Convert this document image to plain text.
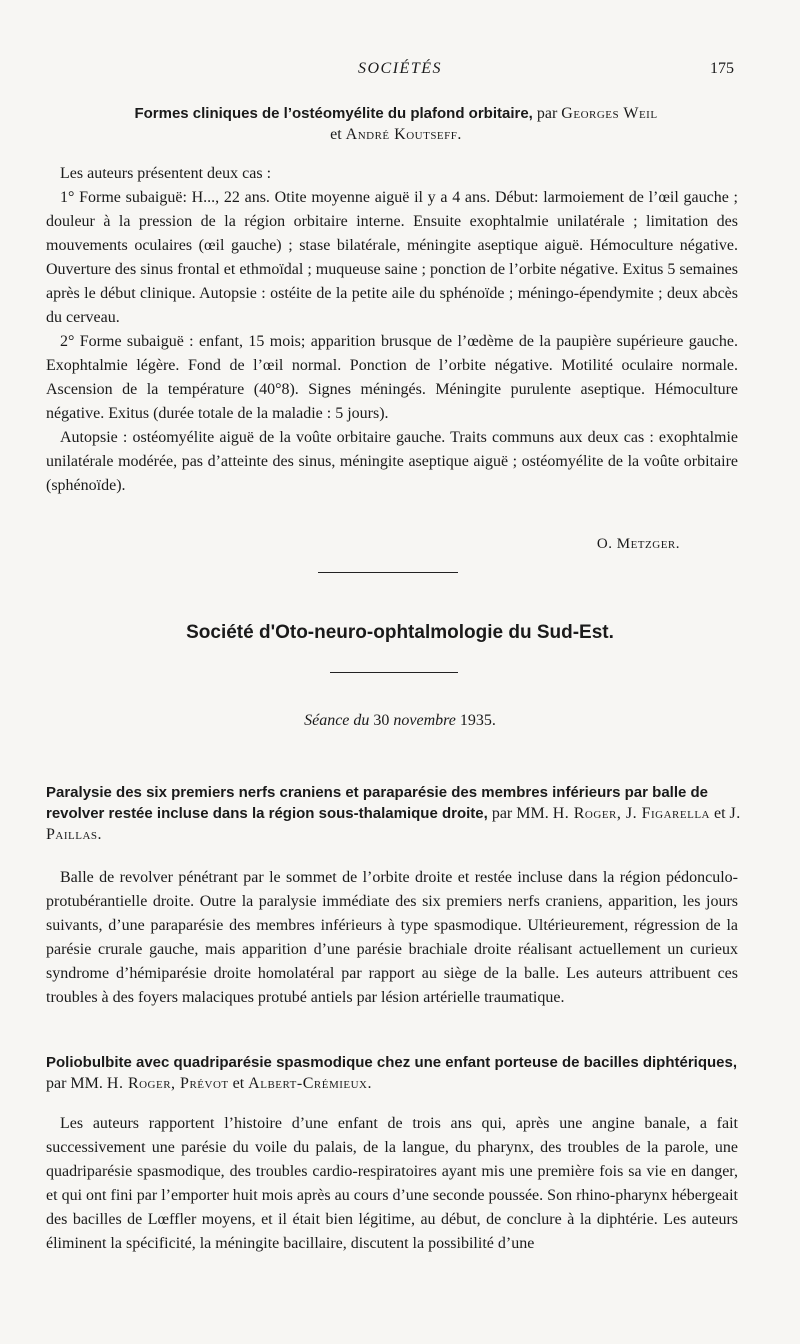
SOCIÉTÉS	175
Formes cliniques de l’ostéomyélite du plafond orbitaire, par Georges Weil
et André Koutseff.

Les auteurs présentent deux cas :

1° Forme subaiguë: H..., 22 ans. Otite moyenne aiguë il y a 4 ans. Début: larmoiement de l’œil gauche ; douleur à la pression de la région orbitaire interne. Ensuite exophtalmie unilatérale ; limitation des mouvements oculaires (œil gauche) ; stase bilatérale, méningite aseptique aiguë. Hémoculture négative. Ouverture des sinus frontal et ethmoïdal ; muqueuse saine ; ponction de l’orbite négative. Exitus 5 semaines après le début clinique. Autopsie : ostéite de la petite aile du sphénoïde ; méningo-épendymite ; deux abcès du cerveau.

2° Forme subaiguë : enfant, 15 mois; apparition brusque de l’œdème de la paupière supérieure gauche. Exophtalmie légère. Fond de l’œil normal. Ponction de l’orbite négative. Motilité oculaire normale. Ascension de la température (40°8). Signes méningés. Méningite purulente aseptique. Hémoculture négative. Exitus (durée totale de la maladie : 5 jours).

Autopsie : ostéomyélite aiguë de la voûte orbitaire gauche. Traits communs aux deux cas : exophtalmie unilatérale modérée, pas d’atteinte des sinus, méningite aseptique aiguë ; ostéomyélite de la voûte orbitaire (sphénoïde).

O. Metzger.
Société d'Oto-neuro-ophtalmologie du Sud-Est.
Séance du 30 novembre 1935.
Paralysie des six premiers nerfs craniens et paraparésie des membres inférieurs par balle de revolver restée incluse dans la région sous-thalamique droite, par MM. H. Roger, J. Figarella et J. Paillas.

Balle de revolver pénétrant par le sommet de l’orbite droite et restée incluse dans la région pédonculo-protubérantielle droite. Outre la paralysie immédiate des six premiers nerfs craniens, apparition, les jours suivants, d’une paraparésie des membres inférieurs à type spasmodique. Ultérieurement, régression de la parésie crurale gauche, mais apparition d’une parésie brachiale droite réalisant actuellement un curieux syndrome d’hémiparésie droite homolatéral par rapport au siège de la balle. Les auteurs attribuent ces troubles à des foyers malaciques protubé antiels par lésion artérielle traumatique.

Poliobulbite avec quadriparésie spasmodique chez une enfant porteuse de bacilles diphtériques, par MM. H. Roger, Prévot et Albert-Crémieux.

Les auteurs rapportent l’histoire d’une enfant de trois ans qui, après une angine banale, a fait successivement une parésie du voile du palais, de la langue, du pharynx, des troubles de la parole, une quadriparésie spasmodique, des troubles cardio-respiratoires ayant mis une première fois sa vie en danger, et qui ont fini par l’emporter huit mois après au cours d’une seconde poussée. Son rhino-pharynx hébergeait des bacilles de Lœffler moyens, et il était bien légitime, au début, de conclure à la diphtérie. Les auteurs éliminent la spécificité, la méningite bacillaire, discutent la possibilité d’une
